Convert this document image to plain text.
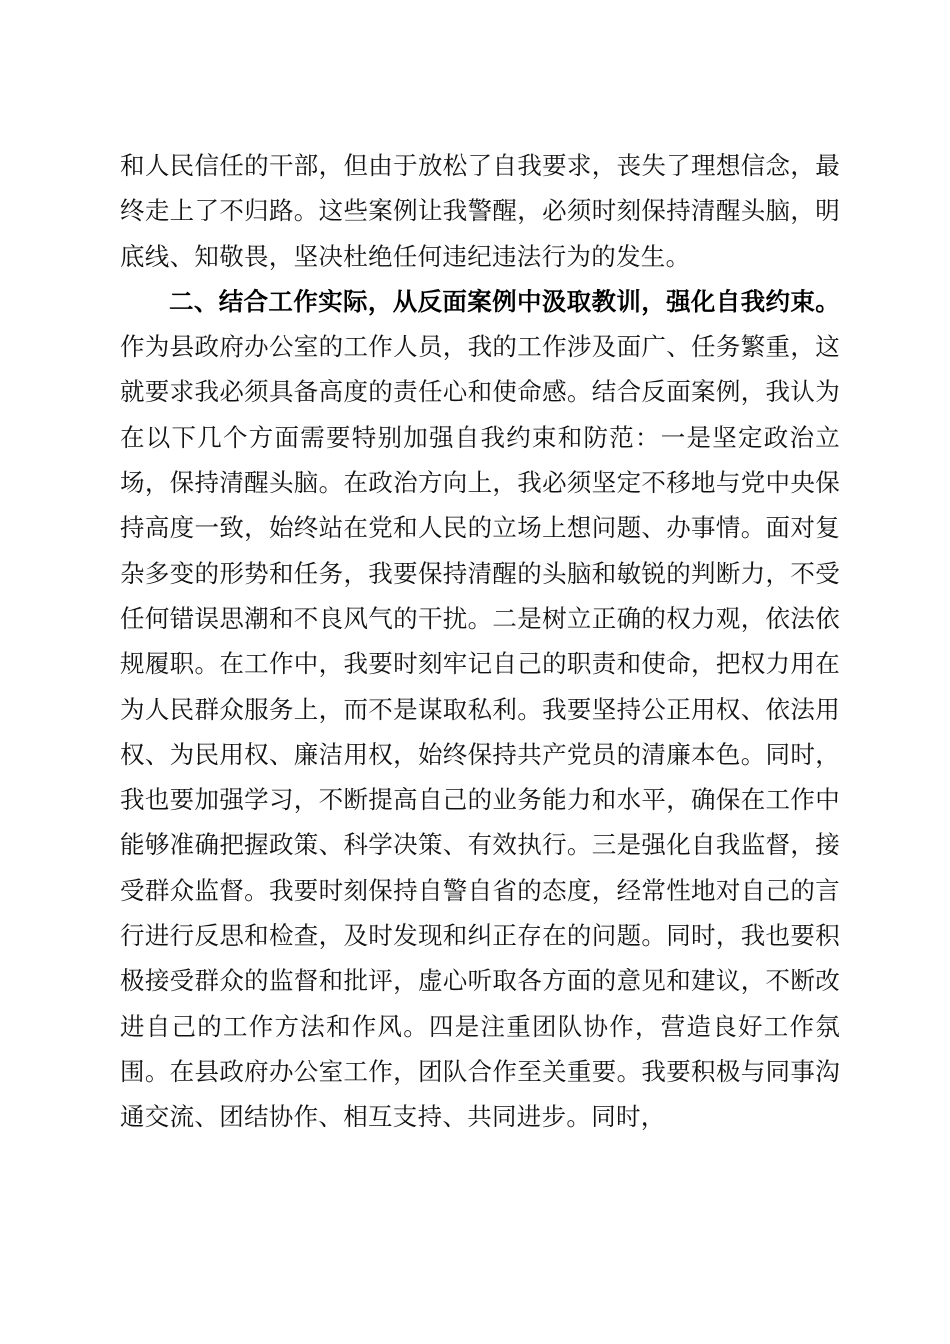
和人民信任的干部，但由于放松了自我要求，丧失了理想信念，最终走上了不归路。这些案例让我警醒，必须时刻保持清醒头脑，明底线、知敬畏，坚决杜绝任何违纪违法行为的发生。

二、结合工作实际，从反面案例中汲取教训，强化自我约束。作为县政府办公室的工作人员，我的工作涉及面广、任务繁重，这就要求我必须具备高度的责任心和使命感。结合反面案例，我认为在以下几个方面需要特别加强自我约束和防范：一是坚定政治立场，保持清醒头脑。在政治方向上，我必须坚定不移地与党中央保持高度一致，始终站在党和人民的立场上想问题、办事情。面对复杂多变的形势和任务，我要保持清醒的头脑和敏锐的判断力，不受任何错误思潮和不良风气的干扰。二是树立正确的权力观，依法依规履职。在工作中，我要时刻牢记自己的职责和使命，把权力用在为人民群众服务上，而不是谋取私利。我要坚持公正用权、依法用权、为民用权、廉洁用权，始终保持共产党员的清廉本色。同时，我也要加强学习，不断提高自己的业务能力和水平，确保在工作中能够准确把握政策、科学决策、有效执行。三是强化自我监督，接受群众监督。我要时刻保持自警自省的态度，经常性地对自己的言行进行反思和检查，及时发现和纠正存在的问题。同时，我也要积极接受群众的监督和批评，虚心听取各方面的意见和建议，不断改进自己的工作方法和作风。四是注重团队协作，营造良好工作氛围。在县政府办公室工作，团队合作至关重要。我要积极与同事沟通交流、团结协作、相互支持、共同进步。同时，
